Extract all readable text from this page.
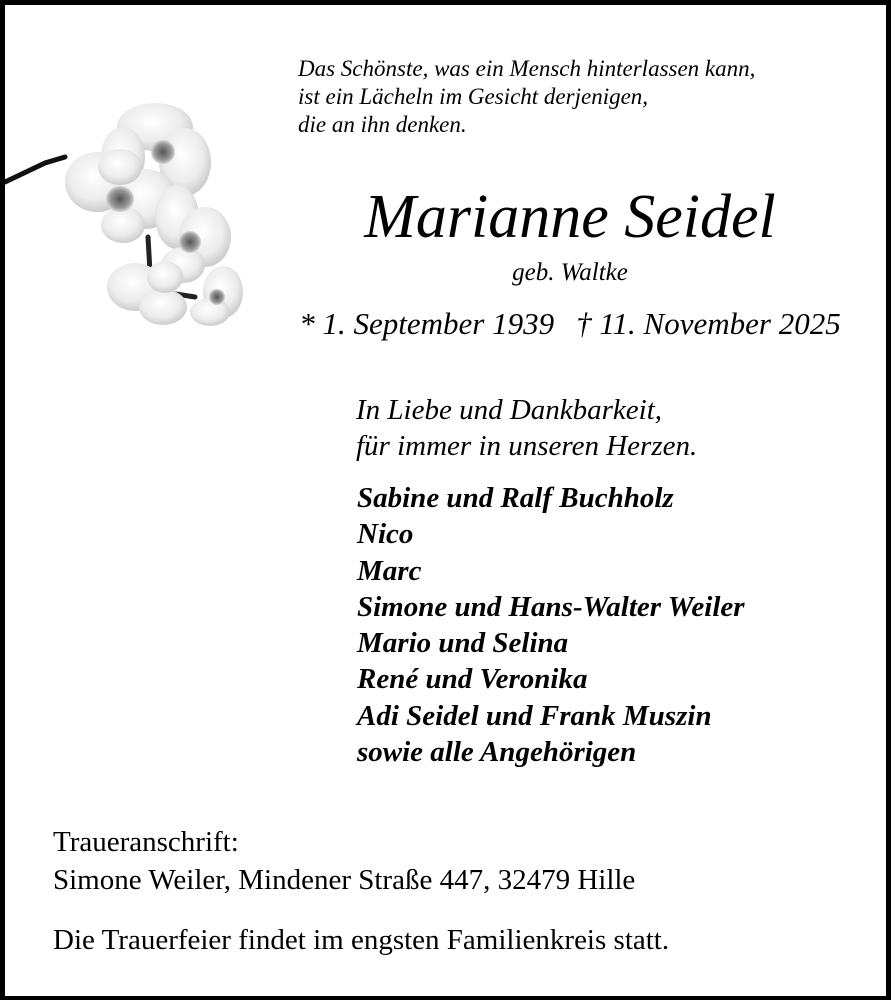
Das Schönste, was ein Mensch hinterlassen kann,
ist ein Lächeln im Gesicht derjenigen,
die an ihn denken.
Marianne Seidel
geb. Waltke
* 1. September 1939 † 11. November 2025
In Liebe und Dankbarkeit,
für immer in unseren Herzen.
Sabine und Ralf Buchholz
Nico
Marc
Simone und Hans-Walter Weiler
Mario und Selina
René und Veronika
Adi Seidel und Frank Muszin
sowie alle Angehörigen
Traueranschrift:
Simone Weiler, Mindener Straße 447, 32479 Hille
Die Trauerfeier findet im engsten Familienkreis statt.
